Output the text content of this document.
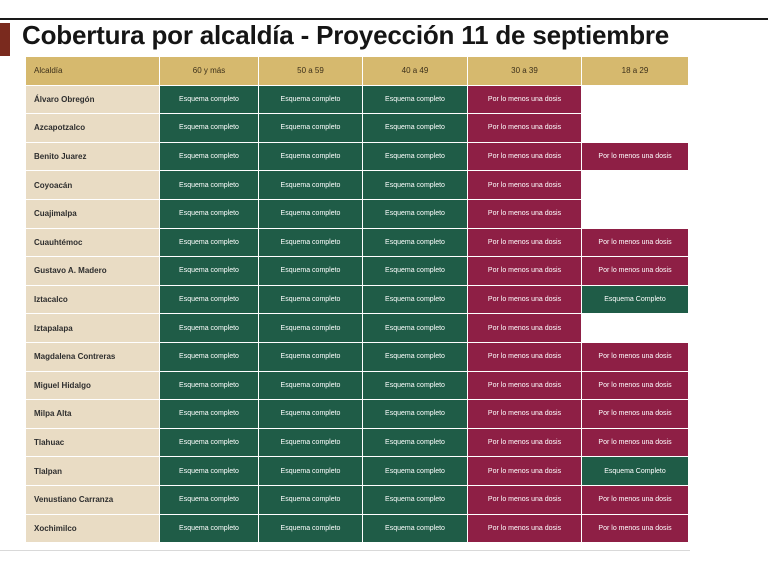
Cobertura por alcaldía - Proyección 11 de septiembre
Alcaldía	60 y más	50 a 59	40 a 49	30 a 39	18 a 29
Álvaro Obregón	Esquema completo	Esquema completo	Esquema completo	Por lo menos una dosis
Azcapotzalco	Esquema completo	Esquema completo	Esquema completo	Por lo menos una dosis
Benito Juarez	Esquema completo	Esquema completo	Esquema completo	Por lo menos una dosis	Por lo menos una dosis
Coyoacán	Esquema completo	Esquema completo	Esquema completo	Por lo menos una dosis
Cuajimalpa	Esquema completo	Esquema completo	Esquema completo	Por lo menos una dosis
Cuauhtémoc	Esquema completo	Esquema completo	Esquema completo	Por lo menos una dosis	Por lo menos una dosis
Gustavo A. Madero	Esquema completo	Esquema completo	Esquema completo	Por lo menos una dosis	Por lo menos una dosis
Iztacalco	Esquema completo	Esquema completo	Esquema completo	Por lo menos una dosis	Esquema Completo
Iztapalapa	Esquema completo	Esquema completo	Esquema completo	Por lo menos una dosis
Magdalena Contreras	Esquema completo	Esquema completo	Esquema completo	Por lo menos una dosis	Por lo menos una dosis
Miguel Hidalgo	Esquema completo	Esquema completo	Esquema completo	Por lo menos una dosis	Por lo menos una dosis
Milpa Alta	Esquema completo	Esquema completo	Esquema completo	Por lo menos una dosis	Por lo menos una dosis
Tlahuac	Esquema completo	Esquema completo	Esquema completo	Por lo menos una dosis	Por lo menos una dosis
Tlalpan	Esquema completo	Esquema completo	Esquema completo	Por lo menos una dosis	Esquema Completo
Venustiano Carranza	Esquema completo	Esquema completo	Esquema completo	Por lo menos una dosis	Por lo menos una dosis
Xochimilco	Esquema completo	Esquema completo	Esquema completo	Por lo menos una dosis	Por lo menos una dosis
